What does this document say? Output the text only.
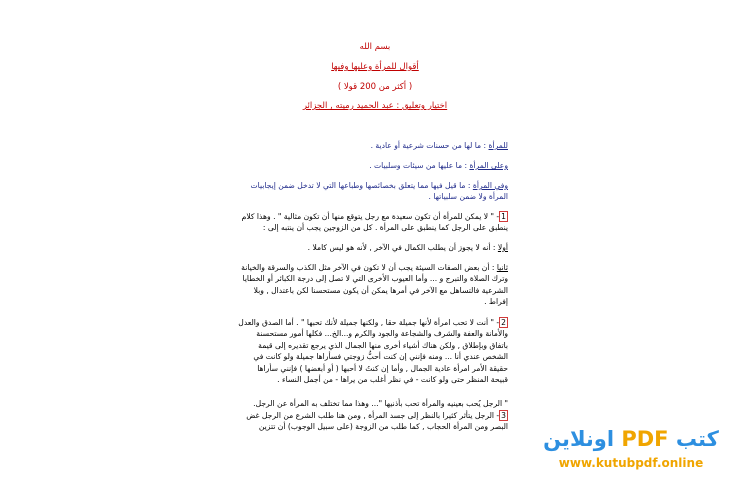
بسم الله
أقوال للمرأة وعليها وفيها
( أكثر من 200 قولا )
اختيار وتعليق : عبد الحميد رميته , الجزائر
للمرأة : ما لها من حسنات شرعية أو عادية .
وعلى المرأة : ما عليها من سيئات وسلبيات .
وفي المرأة : ما قيل فيها مما يتعلق بخصائصها وطباعها التي لا تدخل ضمن إيجابيات المرأة ولا ضمن سلبياتها .
1- " لا يمكن للمرأة أن تكون سعيدة مع رجل يتوقع منها أن تكون مثالية " . وهذا كلام ينطبق على الرجل كما ينطبق على المرأة . كل من الزوجين يجب أن ينتبه إلى :
أولا : أنه لا يجوز أن يطلب الكمال في الآخر , لأنه هو ليس كاملا .
ثانيا : أن بعض الصفات السيئة يجب أن لا تكون في الآخر مثل الكذب والسرقة والخيانة وترك الصلاة والتبرج و ... وأما العيوب الأخرى التي لا تصل إلى درجة الكبائر أو الخطايا الشرعية فالتساهل مع الآخر في أمرها يمكن أن يكون مستحسنا لكن باعتدال , وبلا إفراط .
2- " أنت لا تحب امرأة لأنها جميلة حقا , ولكنها جميلة لأنك تحبها " . أما الصدق والعدل والأمانة والعفة والشرف والشجاعة والجود والكرم و...الخ... فكلها أمور مستحسنة باتفاق وبإطلاق , ولكن هناك أشياء أخرى منها الجمال الذي يرجع تقديره إلى قيمة الشخص عندي أنا ... ومنه فإنني إن كنت أحبُّ زوجتي فسأراها جميلة ولو كانت في حقيقة الأمر امرأة عادية الجمال , وأما إن كنتُ لا أحبها ( أو أبغضها ) فإنني سأراها قبيحة المنظر حتى ولو كانت - في نظر أغلب من يراها - من أجمل النساء .
" الرجل يُحب بعينيه والمرأة تحب بأذنيها "... وهذا مما تختلف به المرأة عن الرجل.
3- الرجل يتأثر كثيرا بالنظر إلى جسد المرأة , ومن هنا طلب الشرع من الرجل غض البصر ومن المرأة الحجاب , كما طلب من الزوجة (على سبيل الوجوب) أن تتزين
كتب PDF اونلاين
www.kutubpdf.online
